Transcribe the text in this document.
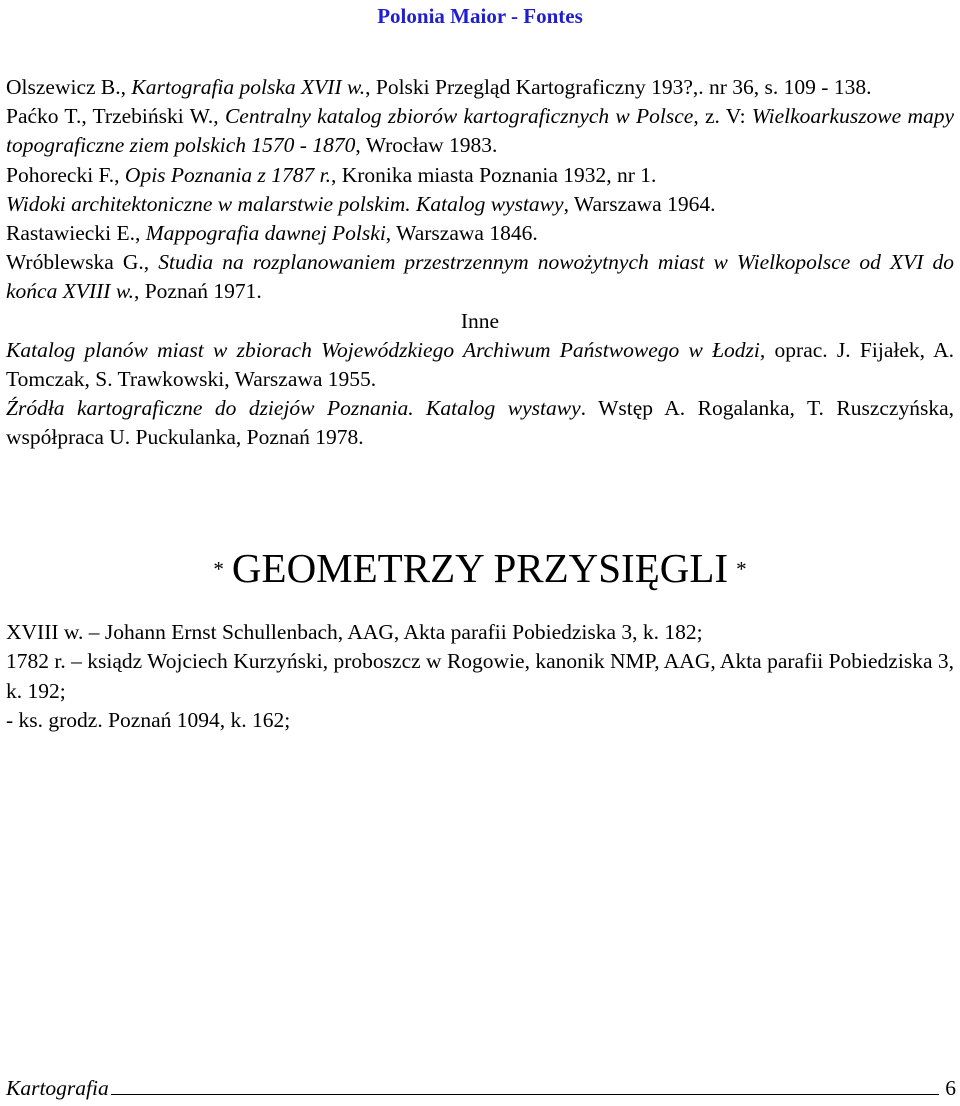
Polonia Maior - Fontes

Olszewicz B., Kartografia polska XVII w., Polski Przegląd Kartograficzny 193?,. nr 36, s. 109 - 138.

Paćko T., Trzebiński W., Centralny katalog zbiorów kartograficznych w Polsce, z. V: Wielkoarkuszowe mapy topograficzne ziem polskich 1570 - 1870, Wrocław 1983.

Pohorecki F., Opis Poznania z 1787 r., Kronika miasta Poznania 1932, nr 1.

Widoki architektoniczne w malarstwie polskim. Katalog wystawy, Warszawa 1964.

Rastawiecki E., Mappografia dawnej Polski, Warszawa 1846.

Wróblewska G., Studia na rozplanowaniem przestrzennym nowożytnych miast w Wielkopolsce od XVI do końca XVIII w., Poznań 1971.

Inne

Katalog planów miast w zbiorach Wojewódzkiego Archiwum Państwowego w Łodzi, oprac. J. Fijałek, A. Tomczak, S. Trawkowski, Warszawa 1955.

Źródła kartograficzne do dziejów Poznania. Katalog wystawy. Wstęp A. Rogalanka, T. Ruszczyńska, współpraca U. Puckulanka, Poznań 1978.

* GEOMETRZY PRZYSIĘGLI *

XVIII w. – Johann Ernst Schullenbach, AAG, Akta parafii Pobiedziska 3, k. 182;

1782 r. – ksiądz Wojciech Kurzyński, proboszcz w Rogowie, kanonik NMP, AAG, Akta parafii Pobiedziska 3, k. 192;

- ks. grodz. Poznań 1094, k. 162;

Kartografia	6
